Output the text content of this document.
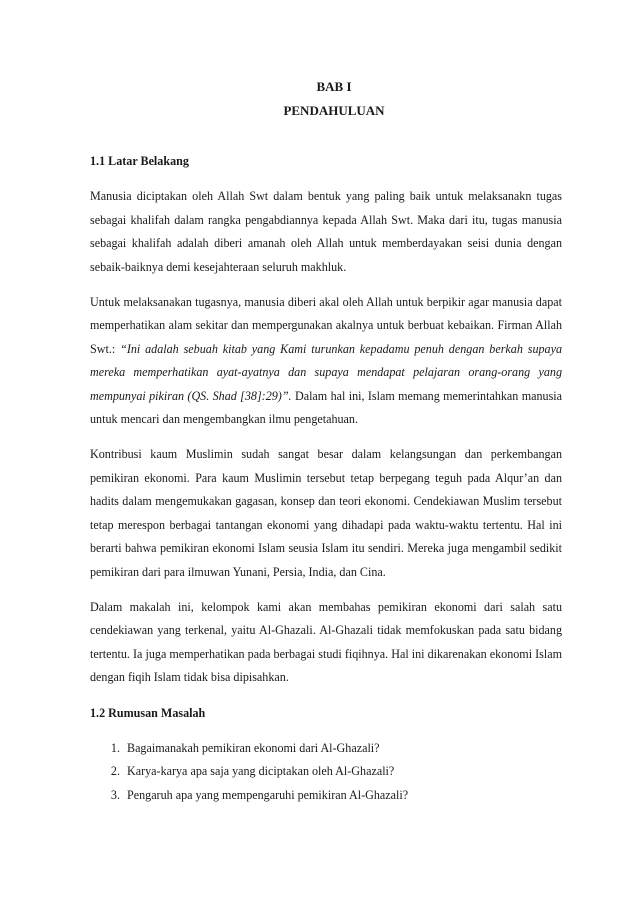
BAB I
PENDAHULUAN
1.1 Latar Belakang

Manusia diciptakan oleh Allah Swt dalam bentuk yang paling baik untuk melaksanakn tugas sebagai khalifah dalam rangka pengabdiannya kepada Allah Swt. Maka dari itu, tugas manusia sebagai khalifah adalah diberi amanah oleh Allah untuk memberdayakan seisi dunia dengan sebaik-baiknya demi kesejahteraan seluruh makhluk.

Untuk melaksanakan tugasnya, manusia diberi akal oleh Allah untuk berpikir agar manusia dapat memperhatikan alam sekitar dan mempergunakan akalnya untuk berbuat kebaikan. Firman Allah Swt.: “Ini adalah sebuah kitab yang Kami turunkan kepadamu penuh dengan berkah supaya mereka memperhatikan ayat-ayatnya dan supaya mendapat pelajaran orang-orang yang mempunyai pikiran (QS. Shad [38]:29)”. Dalam hal ini, Islam memang memerintahkan manusia untuk mencari dan mengembangkan ilmu pengetahuan.

Kontribusi kaum Muslimin sudah sangat besar dalam kelangsungan dan perkembangan pemikiran ekonomi. Para kaum Muslimin tersebut tetap berpegang teguh pada Alqur’an dan hadits dalam mengemukakan gagasan, konsep dan teori ekonomi. Cendekiawan Muslim tersebut tetap merespon berbagai tantangan ekonomi yang dihadapi pada waktu-waktu tertentu. Hal ini berarti bahwa pemikiran ekonomi Islam seusia Islam itu sendiri. Mereka juga mengambil sedikit pemikiran dari para ilmuwan Yunani, Persia, India, dan Cina.

Dalam makalah ini, kelompok kami akan membahas pemikiran ekonomi dari salah satu cendekiawan yang terkenal, yaitu Al-Ghazali. Al-Ghazali tidak memfokuskan pada satu bidang tertentu. Ia juga memperhatikan pada berbagai studi fiqihnya. Hal ini dikarenakan ekonomi Islam dengan fiqih Islam tidak bisa dipisahkan.

1.2 Rumusan Masalah
1. Bagaimanakah pemikiran ekonomi dari Al-Ghazali?
2. Karya-karya apa saja yang diciptakan oleh Al-Ghazali?
3. Pengaruh apa yang mempengaruhi pemikiran Al-Ghazali?
